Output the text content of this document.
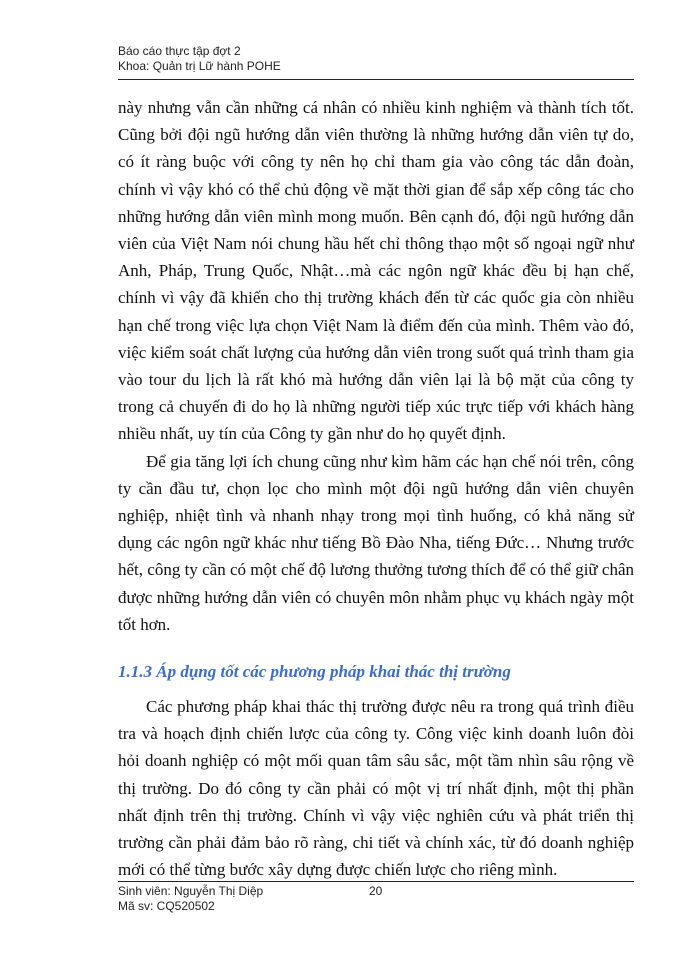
Báo cáo thực tập đợt 2
Khoa: Quản trị Lữ hành POHE

này nhưng vẫn cần những cá nhân có nhiều kinh nghiệm và thành tích tốt. Cũng bởi đội ngũ hướng dẫn viên thường là những hướng dẫn viên tự do, có ít ràng buộc với công ty nên họ chỉ tham gia vào công tác dẫn đoàn, chính vì vậy khó có thể chủ động về mặt thời gian để sắp xếp công tác cho những hướng dẫn viên mình mong muốn. Bên cạnh đó, đội ngũ hướng dẫn viên của Việt Nam nói chung hầu hết chỉ thông thạo một số ngoại ngữ như Anh, Pháp, Trung Quốc, Nhật…mà các ngôn ngữ khác đều bị hạn chế, chính vì vậy đã khiến cho thị trường khách đến từ các quốc gia còn nhiều hạn chế trong việc lựa chọn Việt Nam là điểm đến của mình. Thêm vào đó, việc kiểm soát chất lượng của hướng dẫn viên trong suốt quá trình tham gia vào tour du lịch là rất khó mà hướng dẫn viên lại là bộ mặt của công ty trong cả chuyến đi do họ là những người tiếp xúc trực tiếp với khách hàng nhiều nhất, uy tín của Công ty gần như do họ quyết định.

Để gia tăng lợi ích chung cũng như kìm hãm các hạn chế nói trên, công ty cần đầu tư, chọn lọc cho mình một đội ngũ hướng dẫn viên chuyên nghiệp, nhiệt tình và nhanh nhạy trong mọi tình huống, có khả năng sử dụng các ngôn ngữ khác như tiếng Bồ Đào Nha, tiếng Đức… Nhưng trước hết, công ty cần có một chế độ lương thưởng tương thích để có thể giữ chân được những hướng dẫn viên có chuyên môn nhằm phục vụ khách ngày một tốt hơn.

1.1.3 Áp dụng tốt các phương pháp khai thác thị trường

Các phương pháp khai thác thị trường được nêu ra trong quá trình điều tra và hoạch định chiến lược của công ty. Công việc kinh doanh luôn đòi hỏi doanh nghiệp có một mối quan tâm sâu sắc, một tầm nhìn sâu rộng về thị trường. Do đó công ty cần phải có một vị trí nhất định, một thị phần nhất định trên thị trường. Chính vì vậy việc nghiên cứu và phát triển thị trường cần phải đảm bảo rõ ràng, chi tiết và chính xác, từ đó doanh nghiệp mới có thể từng bước xây dựng được chiến lược cho riêng mình.

Sinh viên: Nguyễn Thị Diệp
Mã sv: CQ520502
20
